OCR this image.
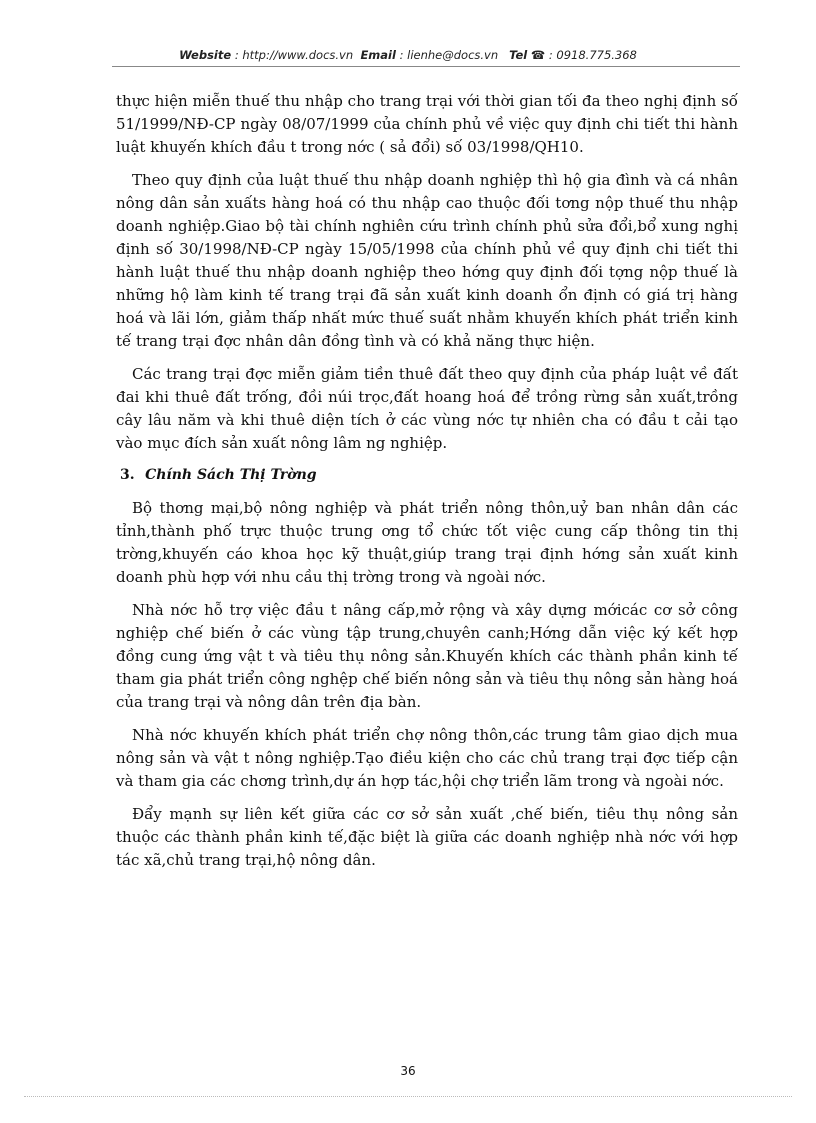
Website : http://www.docs.vn Email : lienhe@docs.vn Tel ☎ : 0918.775.368

thực hiện miễn thuế thu nhập cho trang trại với thời gian tối đa theo nghị định số 51/1999/NĐ-CP ngày 08/07/1999 của chính phủ về việc quy định chi tiết thi hành luật khuyến khích đầu t trong nớc ( sả đổi) số 03/1998/QH10.

Theo quy định của luật thuế thu nhập doanh nghiệp thì hộ gia đình và cá nhân nông dân sản xuấts hàng hoá có thu nhập cao thuộc đối tơng nộp thuế thu nhập doanh nghiệp.Giao bộ tài chính nghiên cứu trình chính phủ sửa đổi,bổ xung nghị định số 30/1998/NĐ-CP ngày 15/05/1998 của chính phủ về quy định chi tiết thi hành luật thuế thu nhập doanh nghiệp theo hớng quy định đối tợng nộp thuế là những hộ làm kinh tế trang trại đã sản xuất kinh doanh ổn định có giá trị hàng hoá và lãi lớn, giảm thấp nhất mức thuế suất nhằm khuyến khích phát triển kinh tế trang trại đợc nhân dân đồng tình và có khả năng thực hiện.

Các trang trại đợc miễn giảm tiền thuê đất theo quy định của pháp luật về đất đai khi thuê đất trống, đồi núi trọc,đất hoang hoá để trồng rừng sản xuất,trồng cây lâu năm và khi thuê diện tích ở các vùng nớc tự nhiên cha có đầu t cải tạo vào mục đích sản xuất nông lâm ng nghiệp.

3. Chính Sách Thị Trờng

Bộ thơng mại,bộ nông nghiệp và phát triển nông thôn,uỷ ban nhân dân các tỉnh,thành phố trực thuộc trung ơng tổ chức tốt việc cung cấp thông tin thị trờng,khuyến cáo khoa học kỹ thuật,giúp trang trại định hớng sản xuất kinh doanh phù hợp với nhu cầu thị trờng trong và ngoài nớc.

Nhà nớc hỗ trợ việc đầu t nâng cấp,mở rộng và xây dựng mớicác cơ sở công nghiệp chế biến ở các vùng tập trung,chuyên canh;Hớng dẫn việc ký kết hợp đồng cung ứng vật t và tiêu thụ nông sản.Khuyến khích các thành phần kinh tế tham gia phát triển công nghệp chế biến nông sản và tiêu thụ nông sản hàng hoá của trang trại và nông dân trên địa bàn.

Nhà nớc khuyến khích phát triển chợ nông thôn,các trung tâm giao dịch mua nông sản và vật t nông nghiệp.Tạo điều kiện cho các chủ trang trại đợc tiếp cận và tham gia các chơng trình,dự án hợp tác,hội chợ triển lãm trong và ngoài nớc.

Đẩy mạnh sự liên kết giữa các cơ sở sản xuất ,chế biến, tiêu thụ nông sản thuộc các thành phần kinh tế,đặc biệt là giữa các doanh nghiệp nhà nớc với hợp tác xã,chủ trang trại,hộ nông dân.

36
